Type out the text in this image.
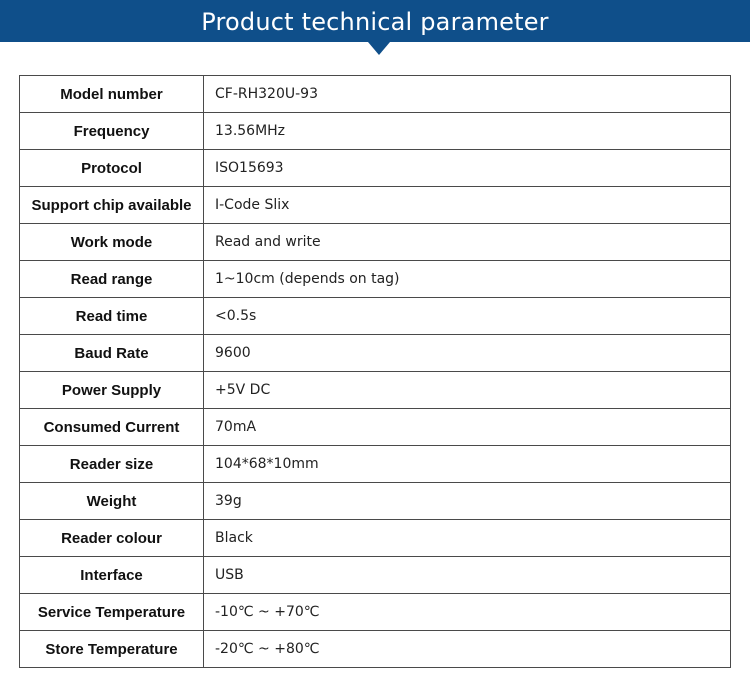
Product technical parameter
Model number	CF-RH320U-93
Frequency	13.56MHz
Protocol	ISO15693
Support chip available	I-Code Slix
Work mode	Read and write
Read range	1~10cm (depends on tag)
Read time	<0.5s
Baud Rate	9600
Power Supply	+5V DC
Consumed Current	70mA
Reader size	104*68*10mm
Weight	39g
Reader colour	Black
Interface	USB
Service Temperature	-10℃ ~ +70℃
Store Temperature	-20℃ ~ +80℃
